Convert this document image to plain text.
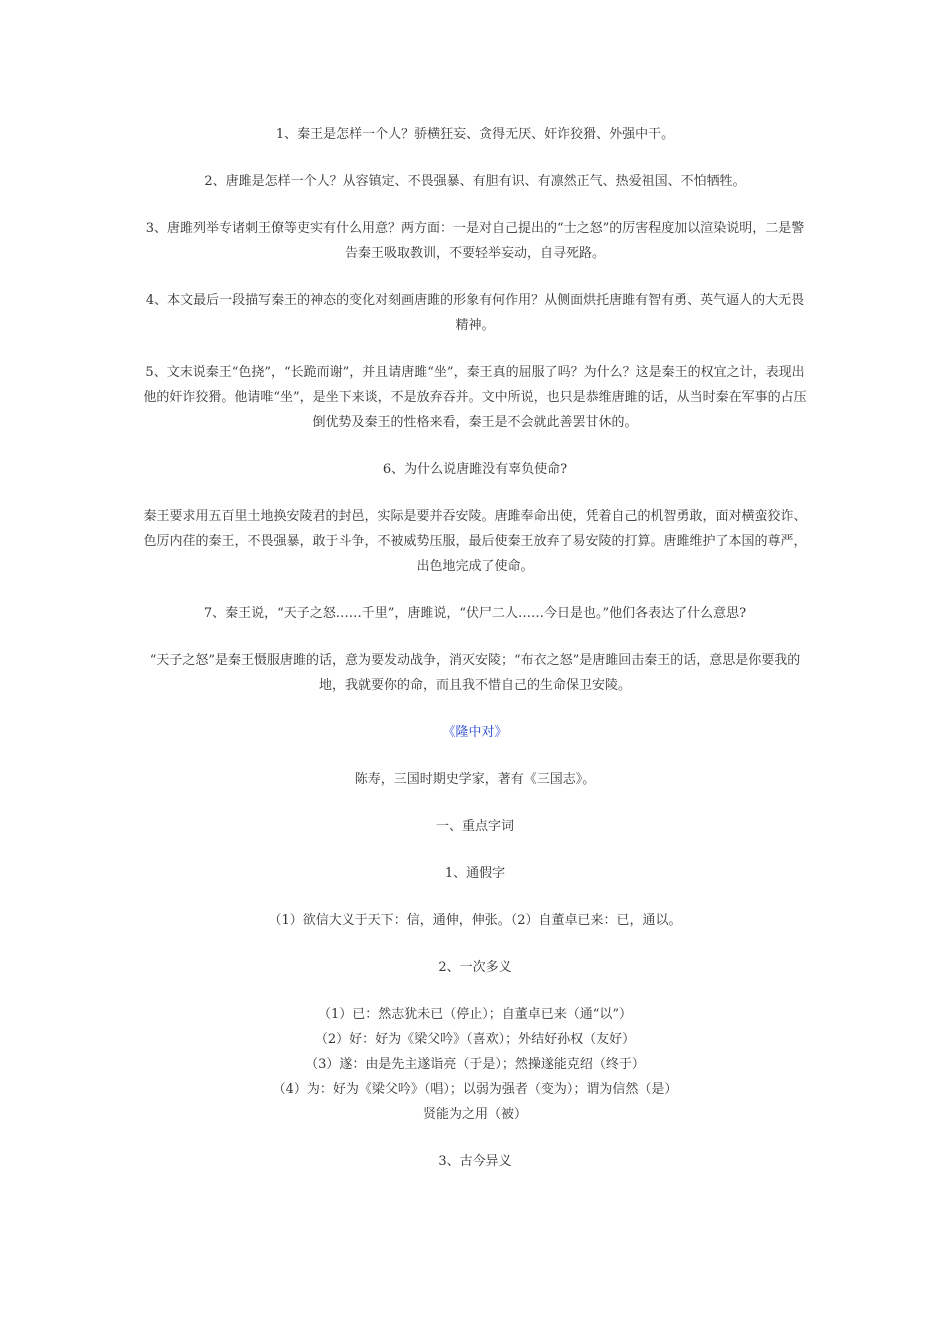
1、秦王是怎样一个人？骄横狂妄、贪得无厌、奸诈狡猾、外强中干。

2、唐雎是怎样一个人？从容镇定、不畏强暴、有胆有识、有凛然正气、热爱祖国、不怕牺牲。

3、唐雎列举专诸刺王僚等吏实有什么用意？两方面：一是对自己提出的“士之怒”的厉害程度加以渲染说明，二是警告秦王吸取教训，不要轻举妄动，自寻死路。

4、本文最后一段描写秦王的神态的变化对刻画唐雎的形象有何作用？从侧面烘托唐雎有智有勇、英气逼人的大无畏精神。

5、文末说秦王“色挠”，“长跪而谢”，并且请唐雎“坐”，秦王真的屈服了吗？为什么？这是秦王的权宜之计，表现出他的奸诈狡猾。他请唯“坐”，是坐下来谈，不是放弃吞并。文中所说，也只是恭维唐雎的话，从当时秦在军事的占压倒优势及秦王的性格来看，秦王是不会就此善罢甘休的。

6、为什么说唐雎没有辜负使命?

秦王要求用五百里土地换安陵君的封邑，实际是要并吞安陵。唐雎奉命出使，凭着自己的机智勇敢，面对横蛮狡诈、色厉内荏的秦王，不畏强暴，敢于斗争，不被威势压服，最后使秦王放弃了易安陵的打算。唐雎维护了本国的尊严，出色地完成了使命。

7、秦王说，“天子之怒……千里”，唐雎说，“伏尸二人……今日是也。”他们各表达了什么意思?

“天子之怒”是秦王慑服唐雎的话，意为要发动战争，消灭安陵；“布衣之怒”是唐雎回击秦王的话，意思是你要我的地，我就要你的命，而且我不惜自己的生命保卫安陵。

《隆中对》

陈寿，三国时期史学家，著有《三国志》。

一、重点字词

1、通假字

（1）欲信大义于天下：信，通伸，伸张。（2）自董卓已来：已，通以。

2、一次多义

（1）已：然志犹未已（停止）；自董卓已来（通“以”）
（2）好：好为《梁父吟》（喜欢）；外结好孙权（友好）
（3）遂：由是先主遂诣亮（于是）；然操遂能克绍（终于）
（4）为：好为《梁父吟》（唱）；以弱为强者（变为）；谓为信然（是）
贤能为之用（被）

3、古今异义
